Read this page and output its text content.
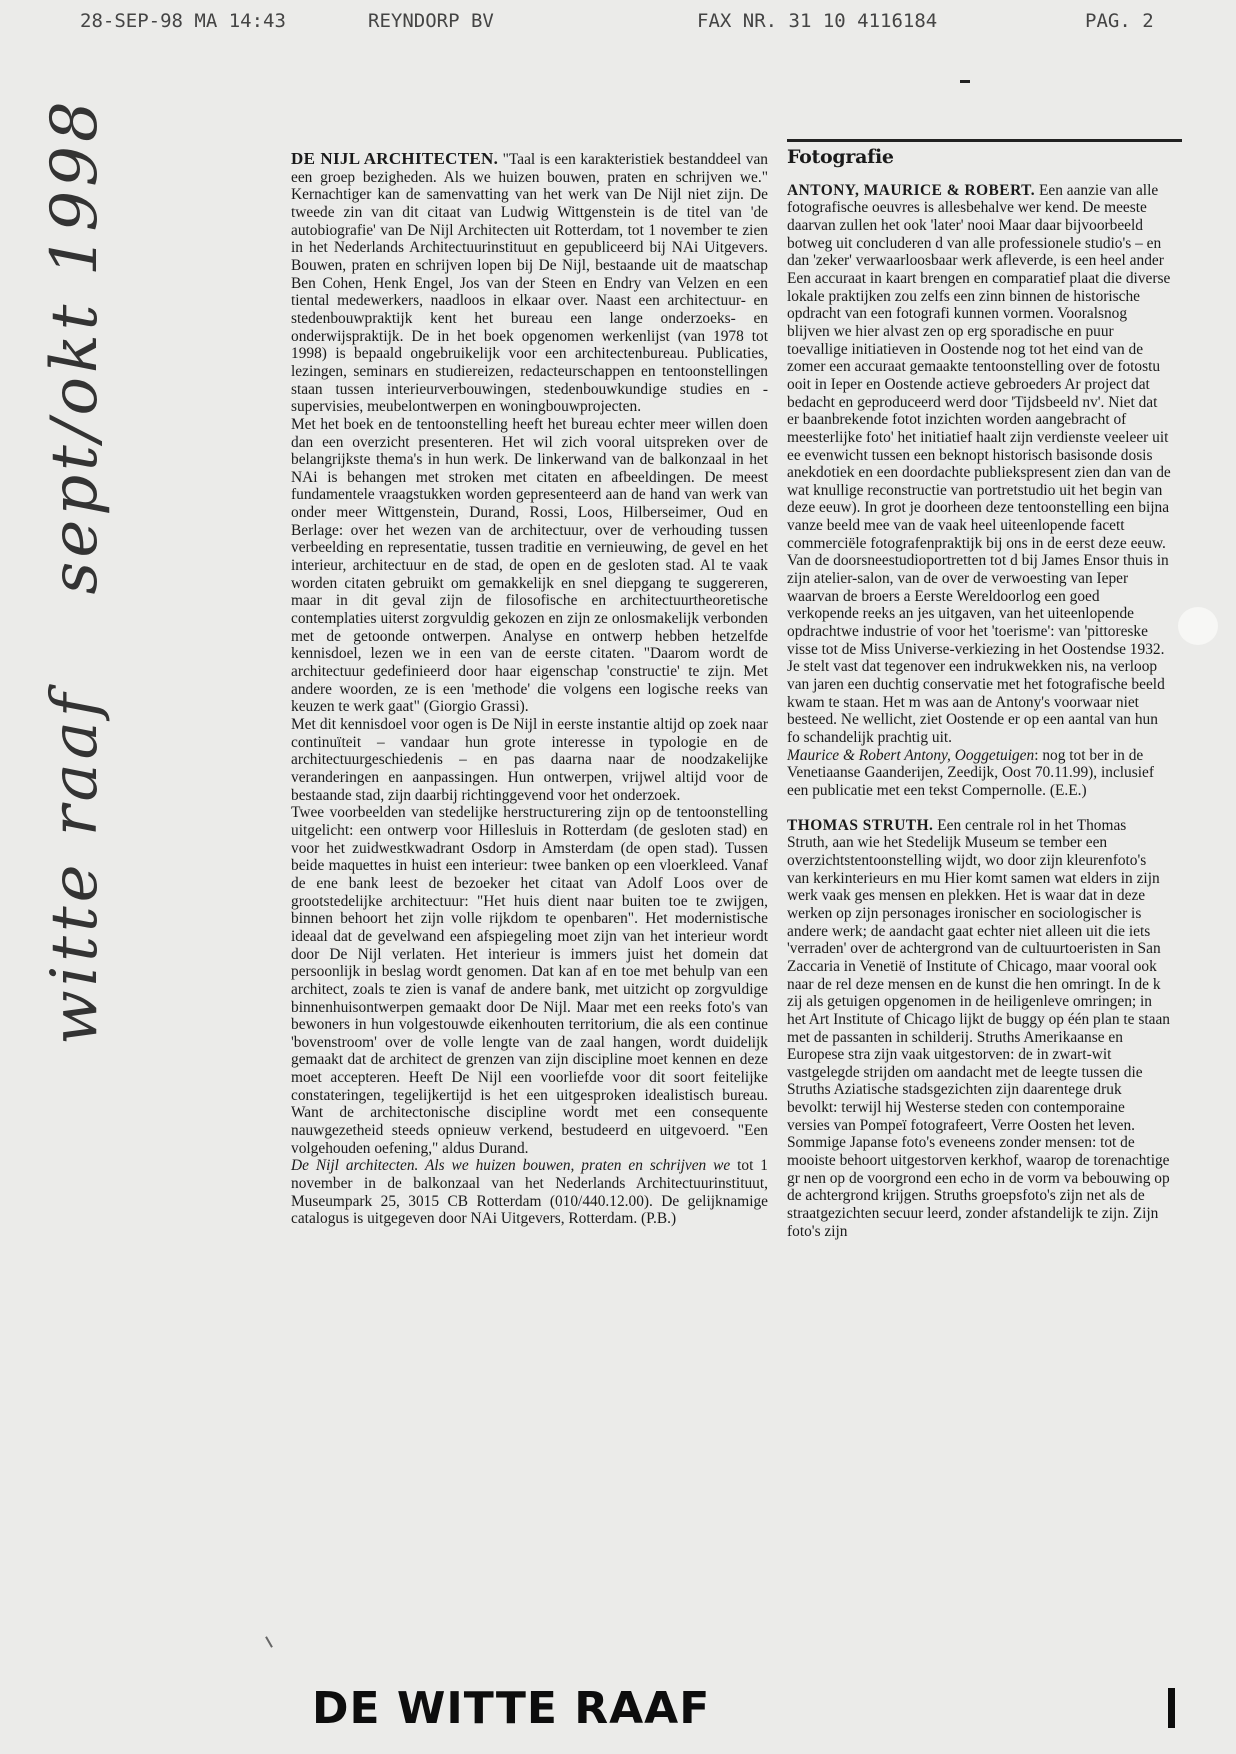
28-SEP-98 MA 14:43	REYNDORP BV	FAX NR. 31 10 4116184	PAG. 2
witte raafsept/okt 1998	DE NIJL ARCHITECTEN. "Taal is een karakteristiek bestanddeel van een groep bezigheden. Als we huizen bouwen, praten en schrijven we." Kernachtiger kan de samenvatting van het werk van De Nijl niet zijn. De tweede zin van dit citaat van Ludwig Wittgenstein is de titel van 'de autobiografie' van De Nijl Architecten uit Rotterdam, tot 1 november te zien in het Nederlands Architectuurinstituut en gepubliceerd bij NAi Uitgevers. Bouwen, praten en schrijven lopen bij De Nijl, bestaande uit de maatschap Ben Cohen, Henk Engel, Jos van der Steen en Endry van Velzen en een tiental medewerkers, naadloos in elkaar over. Naast een architectuur- en stedenbouwpraktijk kent het bureau een lange onderzoeks- en onderwijspraktijk. De in het boek opgenomen werkenlijst (van 1978 tot 1998) is bepaald ongebruikelijk voor een architectenbureau. Publicaties, lezingen, seminars en studiereizen, redacteurschappen en tentoonstellingen staan tussen interieurverbouwingen, stedenbouwkundige studies en -supervisies, meubelontwerpen en woningbouwprojecten.

Met het boek en de tentoonstelling heeft het bureau echter meer willen doen dan een overzicht presenteren. Het wil zich vooral uitspreken over de belangrijkste thema's in hun werk. De linkerwand van de balkonzaal in het NAi is behangen met stroken met citaten en afbeeldingen. De meest fundamentele vraagstukken worden gepresenteerd aan de hand van werk van onder meer Wittgenstein, Durand, Rossi, Loos, Hilberseimer, Oud en Berlage: over het wezen van de architectuur, over de verhouding tussen verbeelding en representatie, tussen traditie en vernieuwing, de gevel en het interieur, architectuur en de stad, de open en de gesloten stad. Al te vaak worden citaten gebruikt om gemakkelijk en snel diepgang te suggereren, maar in dit geval zijn de filosofische en architectuurtheoretische contemplaties uiterst zorgvuldig gekozen en zijn ze onlosmakelijk verbonden met de getoonde ontwerpen. Analyse en ontwerp hebben hetzelfde kennisdoel, lezen we in een van de eerste citaten. "Daarom wordt de architectuur gedefinieerd door haar eigenschap 'constructie' te zijn. Met andere woorden, ze is een 'methode' die volgens een logische reeks van keuzen te werk gaat" (Giorgio Grassi).

Met dit kennisdoel voor ogen is De Nijl in eerste instantie altijd op zoek naar continuïteit – vandaar hun grote interesse in typologie en de architectuurgeschiedenis – en pas daarna naar de noodzakelijke veranderingen en aanpassingen. Hun ontwerpen, vrijwel altijd voor de bestaande stad, zijn daarbij richtinggevend voor het onderzoek.

Twee voorbeelden van stedelijke herstructurering zijn op de tentoonstelling uitgelicht: een ontwerp voor Hillesluis in Rotterdam (de gesloten stad) en voor het zuidwestkwadrant Osdorp in Amsterdam (de open stad). Tussen beide maquettes in huist een interieur: twee banken op een vloerkleed. Vanaf de ene bank leest de bezoeker het citaat van Adolf Loos over de grootstedelijke architectuur: "Het huis dient naar buiten toe te zwijgen, binnen behoort het zijn volle rijkdom te openbaren". Het modernistische ideaal dat de gevelwand een afspiegeling moet zijn van het interieur wordt door De Nijl verlaten. Het interieur is immers juist het domein dat persoonlijk in beslag wordt genomen. Dat kan af en toe met behulp van een architect, zoals te zien is vanaf de andere bank, met uitzicht op zorgvuldige binnenhuisontwerpen gemaakt door De Nijl. Maar met een reeks foto's van bewoners in hun volgestouwde eikenhouten territorium, die als een continue 'bovenstroom' over de volle lengte van de zaal hangen, wordt duidelijk gemaakt dat de architect de grenzen van zijn discipline moet kennen en deze moet accepteren. Heeft De Nijl een voorliefde voor dit soort feitelijke constateringen, tegelijkertijd is het een uitgesproken idealistisch bureau. Want de architectonische discipline wordt met een consequente nauwgezetheid steeds opnieuw verkend, bestudeerd en uitgevoerd. "Een volgehouden oefening," aldus Durand.

De Nijl architecten. Als we huizen bouwen, praten en schrijven we tot 1 november in de balkonzaal van het Nederlands Architectuurinstituut, Museumpark 25, 3015 CB Rotterdam (010/440.12.00). De gelijknamige catalogus is uitgegeven door NAi Uitgevers, Rotterdam. (P.B.)

Fotografie

ANTONY, MAURICE & ROBERT. Een aanzie van alle fotografische oeuvres is allesbehalve wer kend. De meeste daarvan zullen het ook 'later' nooi Maar daar bijvoorbeeld botweg uit concluderen d van alle professionele studio's – en dan 'zeker' verwaarloosbaar werk afleverde, is een heel ander Een accuraat in kaart brengen en comparatief plaat die diverse lokale praktijken zou zelfs een zinn binnen de historische opdracht van een fotografi kunnen vormen. Vooralsnog blijven we hier alvast zen op erg sporadische en puur toevallige initiatieven in Oostende nog tot het eind van de zomer een accuraat gemaakte tentoonstelling over de fotostu ooit in Ieper en Oostende actieve gebroeders Ar project dat bedacht en geproduceerd werd door 'Tijdsbeeld nv'. Niet dat er baanbrekende fotot inzichten worden aangebracht of meesterlijke foto' het initiatief haalt zijn verdienste veeleer uit ee evenwicht tussen een beknopt historisch basisonde dosis anekdotiek en een doordachte publiekspresent zien dan van de wat knullige reconstructie van portretstudio uit het begin van deze eeuw). In grot je doorheen deze tentoonstelling een bijna vanze beeld mee van de vaak heel uiteenlopende facett commerciële fotografenpraktijk bij ons in de eerst deze eeuw. Van de doorsneestudioportretten tot d bij James Ensor thuis in zijn atelier-salon, van de over de verwoesting van Ieper waarvan de broers a Eerste Wereldoorlog een goed verkopende reeks an jes uitgaven, van het uiteenlopende opdrachtwe industrie of voor het 'toerisme': van 'pittoreske visse tot de Miss Universe-verkiezing in het Oostendse 1932. Je stelt vast dat tegenover een indrukwekken nis, na verloop van jaren een duchtig conservatie met het fotografische beeld kwam te staan. Het m was aan de Antony's voorwaar niet besteed. Ne wellicht, ziet Oostende er op een aantal van hun fo schandelijk prachtig uit.

Maurice & Robert Antony, Ooggetuigen: nog tot ber in de Venetiaanse Gaanderijen, Zeedijk, Oost 70.11.99), inclusief een publicatie met een tekst Compernolle. (E.E.)

THOMAS STRUTH. Een centrale rol in het Thomas Struth, aan wie het Stedelijk Museum se tember een overzichtstentoonstelling wijdt, wo door zijn kleurenfoto's van kerkinterieurs en mu Hier komt samen wat elders in zijn werk vaak ges mensen en plekken. Het is waar dat in deze werken op zijn personages ironischer en sociologischer is andere werk; de aandacht gaat echter niet alleen uit die iets 'verraden' over de achtergrond van de cultuurtoeristen in San Zaccaria in Venetië of Institute of Chicago, maar vooral ook naar de rel deze mensen en de kunst die hen omringt. In de k zij als getuigen opgenomen in de heiligenleve omringen; in het Art Institute of Chicago lijkt de buggy op één plan te staan met de passanten in schilderij. Struths Amerikaanse en Europese stra zijn vaak uitgestorven: de in zwart-wit vastgelegde strijden om aandacht met de leegte tussen die Struths Aziatische stadsgezichten zijn daarentege druk bevolkt: terwijl hij Westerse steden con contemporaine versies van Pompeï fotografeert, Verre Oosten het leven. Sommige Japanse foto's eveneens zonder mensen: tot de mooiste behoort uitgestorven kerkhof, waarop de torenachtige gr nen op de voorgrond een echo in de vorm va bebouwing op de achtergrond krijgen. Struths groepsfoto's zijn net als de straatgezichten secuur leerd, zonder afstandelijk te zijn. Zijn foto's zijn

DE WITTE RAAF
